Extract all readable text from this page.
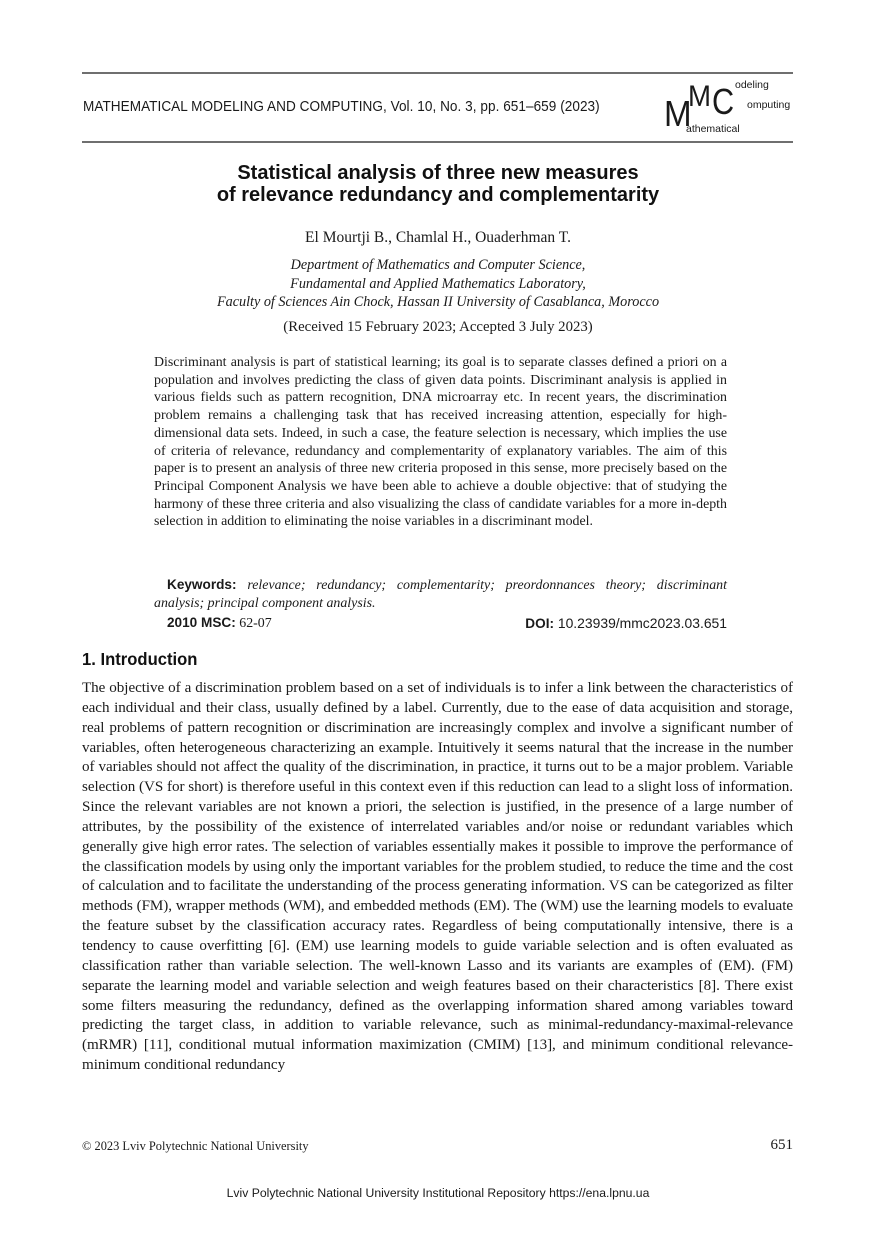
MATHEMATICAL MODELING AND COMPUTING, Vol. 10, No. 3, pp. 651–659 (2023) M
M C odeling
omputing
athematical
Statistical analysis of three new measures
of relevance redundancy and complementarity
El Mourtji B., Chamlal H., Ouaderhman T.
Department of Mathematics and Computer Science,
Fundamental and Applied Mathematics Laboratory,
Faculty of Sciences Ain Chock, Hassan II University of Casablanca, Morocco
(Received 15 February 2023; Accepted 3 July 2023)
Discriminant analysis is part of statistical learning; its goal is to separate classes defined a priori on a population and involves predicting the class of given data points. Discriminant analysis is applied in various fields such as pattern recognition, DNA microarray etc. In recent years, the discrimination problem remains a challenging task that has received increasing attention, especially for high-dimensional data sets. Indeed, in such a case, the feature selection is necessary, which implies the use of criteria of relevance, redundancy and complementarity of explanatory variables. The aim of this paper is to present an analysis of three new criteria proposed in this sense, more precisely based on the Principal Component Analysis we have been able to achieve a double objective: that of studying the harmony of these three criteria and also visualizing the class of candidate variables for a more in-depth selection in addition to eliminating the noise variables in a discriminant model.
Keywords: relevance; redundancy; complementarity; preordonnances theory; discriminant analysis; principal component analysis.
2010 MSC: 62-07	DOI: 10.23939/mmc2023.03.651
1. Introduction
The objective of a discrimination problem based on a set of individuals is to infer a link between the characteristics of each individual and their class, usually defined by a label. Currently, due to the ease of data acquisition and storage, real problems of pattern recognition or discrimination are increasingly complex and involve a significant number of variables, often heterogeneous characterizing an example. Intuitively it seems natural that the increase in the number of variables should not affect the quality of the discrimination, in practice, it turns out to be a major problem. Variable selection (VS for short) is therefore useful in this context even if this reduction can lead to a slight loss of information. Since the relevant variables are not known a priori, the selection is justified, in the presence of a large number of attributes, by the possibility of the existence of interrelated variables and/or noise or redundant variables which generally give high error rates. The selection of variables essentially makes it possible to improve the performance of the classification models by using only the important variables for the problem studied, to reduce the time and the cost of calculation and to facilitate the understanding of the process generating information. VS can be categorized as filter methods (FM), wrapper methods (WM), and embedded methods (EM). The (WM) use the learning models to evaluate the feature subset by the classification accuracy rates. Regardless of being computationally intensive, there is a tendency to cause overfitting [6]. (EM) use learning models to guide variable selection and is often evaluated as classification rather than variable selection. The well-known Lasso and its variants are examples of (EM). (FM) separate the learning model and variable selection and weigh features based on their characteristics [8]. There exist some filters measuring the redundancy, defined as the overlapping information shared among variables toward predicting the target class, in addition to variable relevance, such as minimal-redundancy-maximal-relevance (mRMR) [11], conditional mutual information maximization (CMIM) [13], and minimum conditional relevance-minimum conditional redundancy
© 2023 Lviv Polytechnic National University	651
Lviv Polytechnic National University Institutional Repository https://ena.lpnu.ua
